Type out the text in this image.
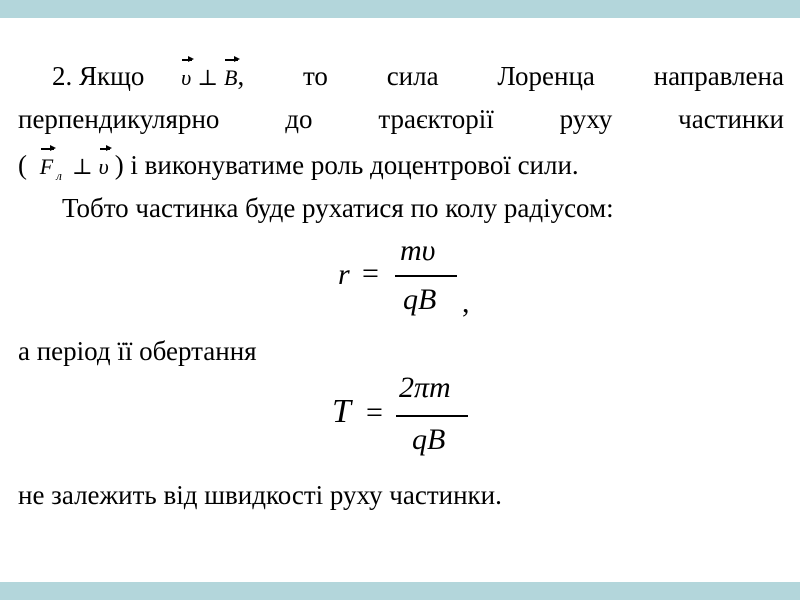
2. Якщо υ ⊥ B, то сила Лоренца направлена
перпендикулярно до траєкторії руху частинки
( F $_л$ ⊥ υ ) і виконуватиме роль доцентрової сили.
Тобто частинка буде рухатися по колу радіусом:
r =
mυ
qB ,
а період її обертання
T =
2πm
qB
не залежить від швидкості руху частинки.
